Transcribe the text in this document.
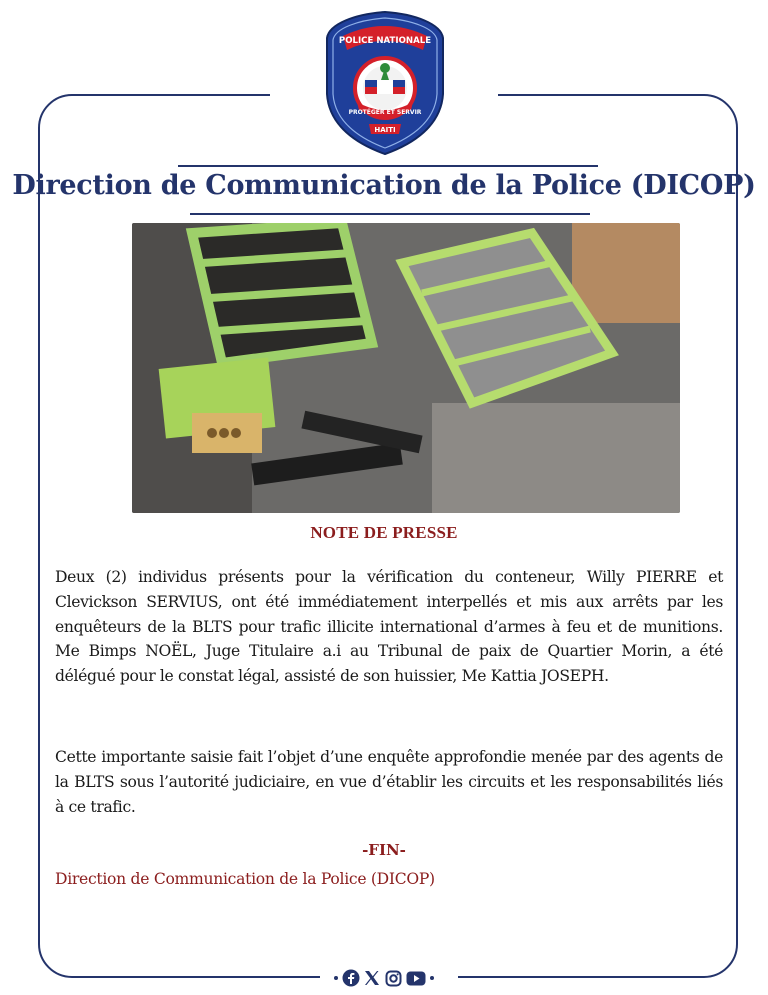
POLICE NATIONALE
PROTÉGER ET SERVIR
HAITI
Direction de Communication de la Police (DICOP)
NOTE DE PRESSE
Deux (2) individus présents pour la vérification du conteneur, Willy PIERRE et Clevickson SERVIUS, ont été immédiatement interpellés et mis aux arrêts par les enquêteurs de la BLTS pour trafic illicite international d’armes à feu et de munitions. Me Bimps NOËL, Juge Titulaire a.i au Tribunal de paix de Quartier Morin, a été délégué pour le constat légal, assisté de son huissier, Me Kattia JOSEPH.
Cette importante saisie fait l’objet d’une enquête approfondie menée par des agents de la BLTS sous l’autorité judiciaire, en vue d’établir les circuits et les responsabilités liés à ce trafic.
-FIN-
Direction de Communication de la Police (DICOP)
